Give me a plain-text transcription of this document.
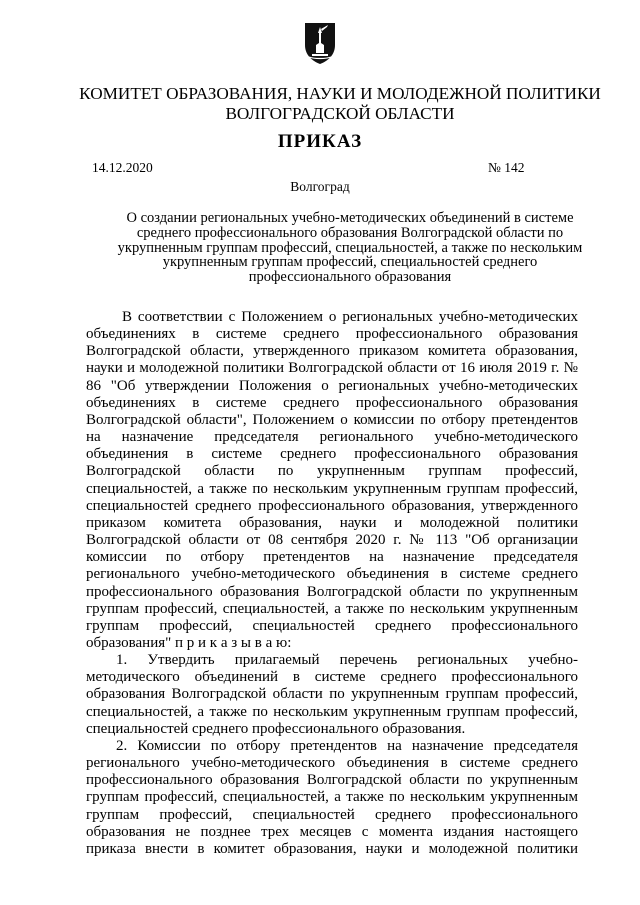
КОМИТЕТ ОБРАЗОВАНИЯ, НАУКИ И МОЛОДЕЖНОЙ ПОЛИТИКИ
ВОЛГОГРАДСКОЙ ОБЛАСТИ
ПРИКАЗ
14.12.2020	№ 142
Волгоград
О создании региональных учебно-методических объединений в системе среднего профессионального образования Волгоградской области по укрупненным группам профессий, специальностей, а также по нескольким укрупненным группам профессий, специальностей среднего профессионального образования

В соответствии с Положением о региональных учебно-методических объединениях в системе среднего профессионального образования Волгоградской области, утвержденного приказом комитета образования, науки и молодежной политики Волгоградской области от 16 июля 2019 г. № 86 "Об утверждении Положения о региональных учебно-методических объединениях в системе среднего профессионального образования Волгоградской области", Положением о комиссии по отбору претендентов на назначение председателя регионального учебно-методического объединения в системе среднего профессионального образования Волгоградской области по укрупненным группам профессий, специальностей, а также по нескольким укрупненным группам профессий, специальностей среднего профессионального образования, утвержденного приказом комитета образования, науки и молодежной политики Волгоградской области от 08 сентября 2020 г. № 113 "Об организации комиссии по отбору претендентов на назначение председателя регионального учебно-методического объединения в системе среднего профессионального образования Волгоградской области по укрупненным группам профессий, специальностей, а также по нескольким укрупненным группам профессий, специальностей среднего профессионального образования" п р и к а з ы в а ю:

1. Утвердить прилагаемый перечень региональных учебно-методического объединений в системе среднего профессионального образования Волгоградской области по укрупненным группам профессий, специальностей, а также по нескольким укрупненным группам профессий, специальностей среднего профессионального образования.

2. Комиссии по отбору претендентов на назначение председателя регионального учебно-методического объединения в системе среднего профессионального образования Волгоградской области по укрупненным группам профессий, специальностей, а также по нескольким укрупненным группам профессий, специальностей среднего профессионального образования не позднее трех месяцев с момента издания настоящего приказа внести в комитет образования, науки и молодежной политики
